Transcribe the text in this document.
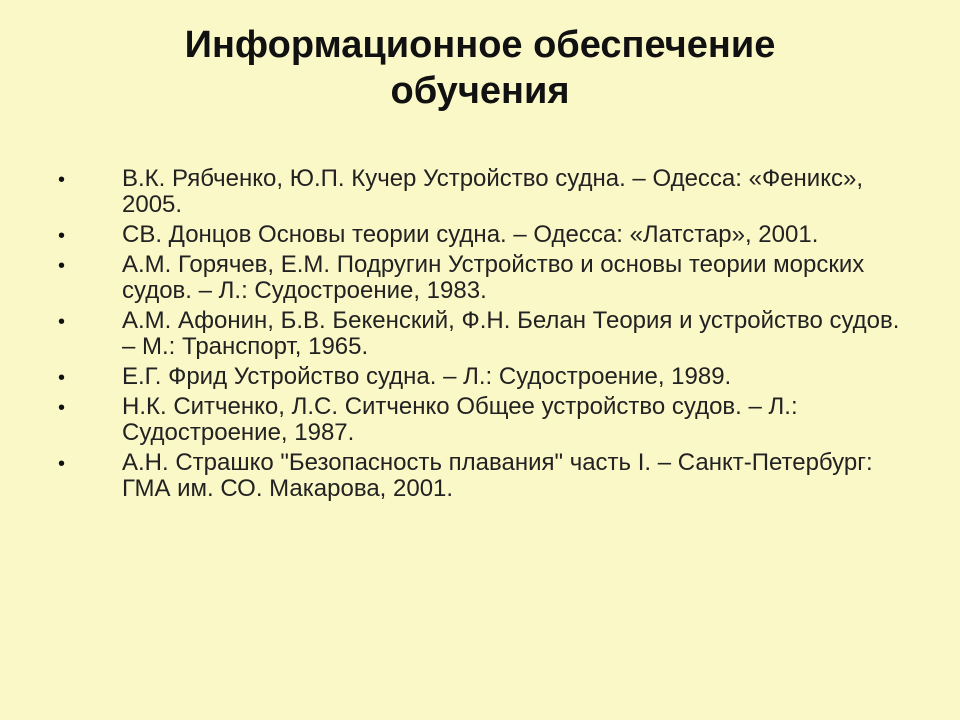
Информационное обеспечение
обучения
• В.К. Рябченко, Ю.П. Кучер Устройство судна. – Одесса: «Феникс», 2005.
• СВ. Донцов Основы теории судна. – Одесса: «Латстар», 2001.
• А.М. Горячев, Е.М. Подругин Устройство и основы теории морских судов. – Л.: Судостроение, 1983.
• А.М. Афонин, Б.В. Бекенский, Ф.Н. Белан Теория и устройство судов. – М.: Транспорт, 1965.
• Е.Г. Фрид Устройство судна. – Л.: Судостроение, 1989.
• Н.К. Ситченко, Л.С. Ситченко Общее устройство судов. – Л.: Судостроение, 1987.
• А.Н. Страшко "Безопасность плавания" часть I. – Санкт-Петербург: ГМА им. СО. Макарова, 2001.
